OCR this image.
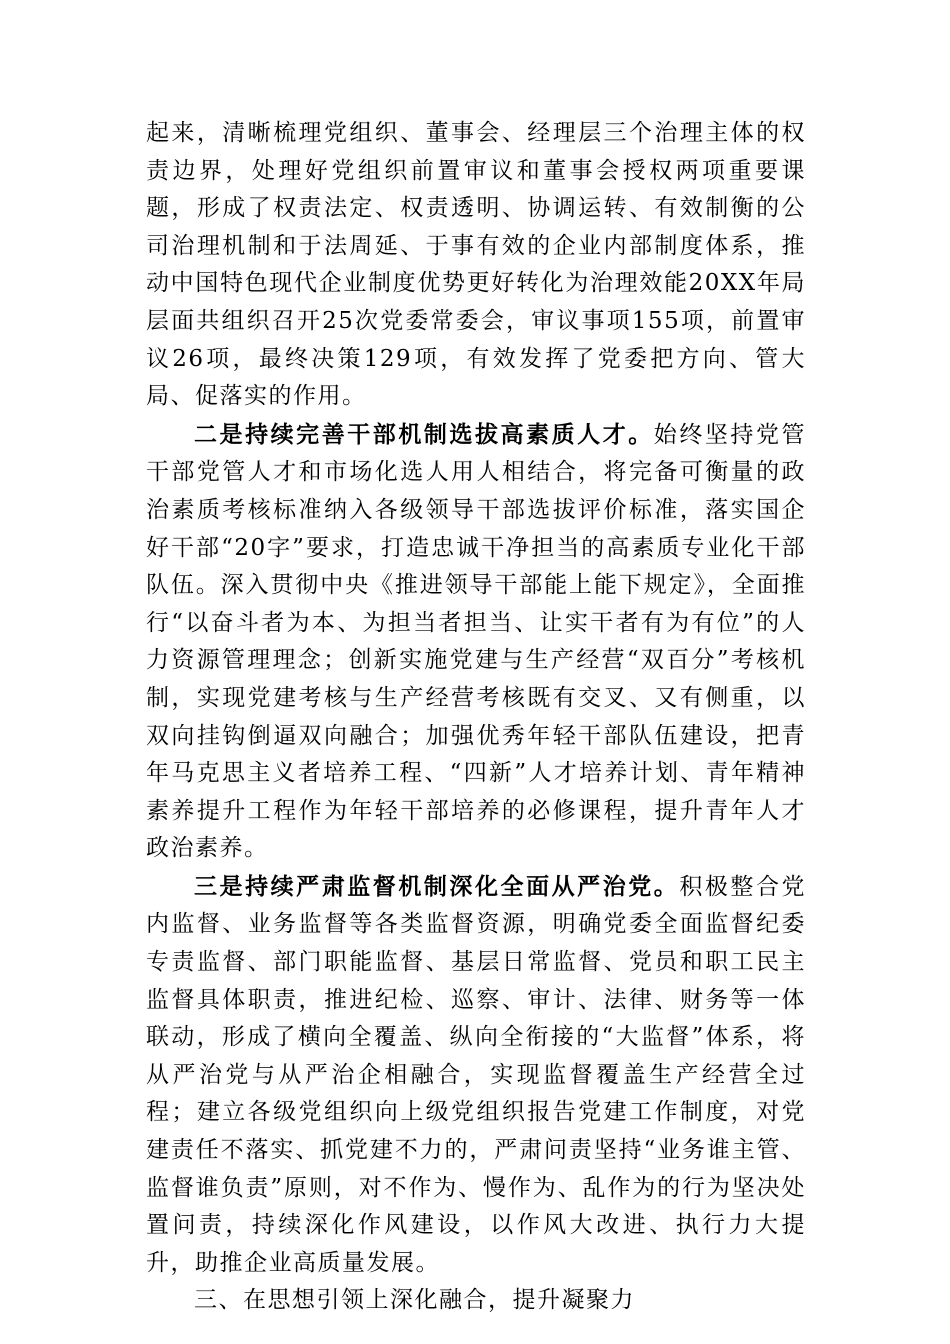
起来，清晰梳理党组织、董事会、经理层三个治理主体的权责边界，处理好党组织前置审议和董事会授权两项重要课题，形成了权责法定、权责透明、协调运转、有效制衡的公司治理机制和于法周延、于事有效的企业内部制度体系，推动中国特色现代企业制度优势更好转化为治理效能20XX年局层面共组织召开25次党委常委会，审议事项155项，前置审议26项，最终决策129项，有效发挥了党委把方向、管大局、促落实的作用。

二是持续完善干部机制选拔高素质人才。始终坚持党管干部党管人才和市场化选人用人相结合，将完备可衡量的政治素质考核标准纳入各级领导干部选拔评价标准，落实国企好干部“20字”要求，打造忠诚干净担当的高素质专业化干部队伍。深入贯彻中央《推进领导干部能上能下规定》，全面推行“以奋斗者为本、为担当者担当、让实干者有为有位”的人力资源管理理念；创新实施党建与生产经营“双百分”考核机制，实现党建考核与生产经营考核既有交叉、又有侧重，以双向挂钩倒逼双向融合；加强优秀年轻干部队伍建设，把青年马克思主义者培养工程、“四新”人才培养计划、青年精神素养提升工程作为年轻干部培养的必修课程，提升青年人才政治素养。

三是持续严肃监督机制深化全面从严治党。积极整合党内监督、业务监督等各类监督资源，明确党委全面监督纪委专责监督、部门职能监督、基层日常监督、党员和职工民主监督具体职责，推进纪检、巡察、审计、法律、财务等一体联动，形成了横向全覆盖、纵向全衔接的“大监督”体系，将从严治党与从严治企相融合，实现监督覆盖生产经营全过程；建立各级党组织向上级党组织报告党建工作制度，对党建责任不落实、抓党建不力的，严肃问责坚持“业务谁主管、监督谁负责”原则，对不作为、慢作为、乱作为的行为坚决处置问责，持续深化作风建设，以作风大改进、执行力大提升，助推企业高质量发展。

三、在思想引领上深化融合，提升凝聚力
